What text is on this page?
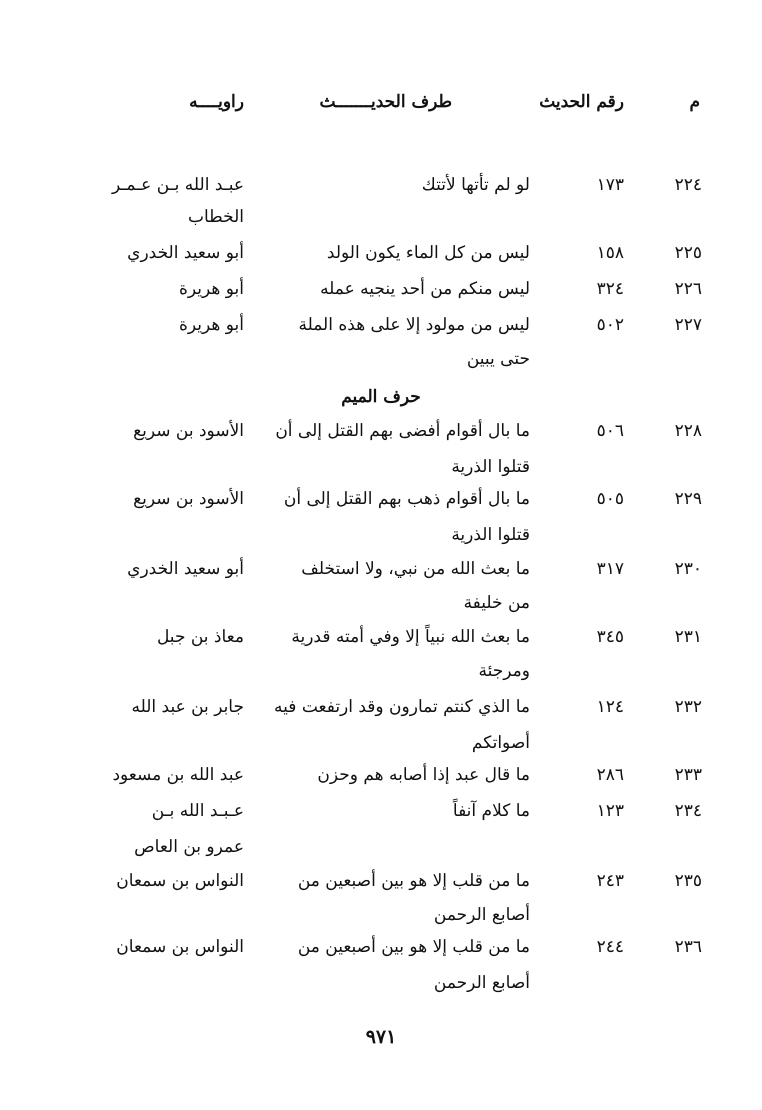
م
رقم الحديث
طرف الحديـــــــث
راويــــه
٢٢٤
١٧٣
لو لم تأتها لأتتك
عبـد الله بـن عـمـر
الخطاب
٢٢٥
١٥٨
ليس من كل الماء يكون الولد
أبو سعيد الخدري
٢٢٦
٣٢٤
ليس منكم من أحد ينجيه عمله
أبو هريرة
٢٢٧
٥٠٢
ليس من مولود إلا على هذه الملة
أبو هريرة
حتى يبين
حرف الميم
٢٢٨
٥٠٦
ما بال أقوام أفضى بهم القتل إلى أن
الأسود بن سريع
قتلوا الذرية
٢٢٩
٥٠٥
ما بال أقوام ذهب بهم القتل إلى أن
الأسود بن سريع
قتلوا الذرية
٢٣٠
٣١٧
ما بعث الله من نبي، ولا استخلف
أبو سعيد الخدري
من خليفة
٢٣١
٣٤٥
ما بعث الله نبياً إلا وفي أمته قدرية
معاذ بن جبل
ومرجئة
٢٣٢
١٢٤
ما الذي كنتم تمارون وقد ارتفعت فيه
جابر بن عبد الله
أصواتكم
٢٣٣
٢٨٦
ما قال عبد إذا أصابه هم وحزن
عبد الله بن مسعود
٢٣٤
١٢٣
ما كلام آنفاً
عـبـد الله بـن
عمرو بن العاص
٢٣٥
٢٤٣
ما من قلب إلا هو بين أصبعين من
النواس بن سمعان
أصابع الرحمن
٢٣٦
٢٤٤
ما من قلب إلا هو بين أصبعين من
النواس بن سمعان
أصابع الرحمن
٩٧١
